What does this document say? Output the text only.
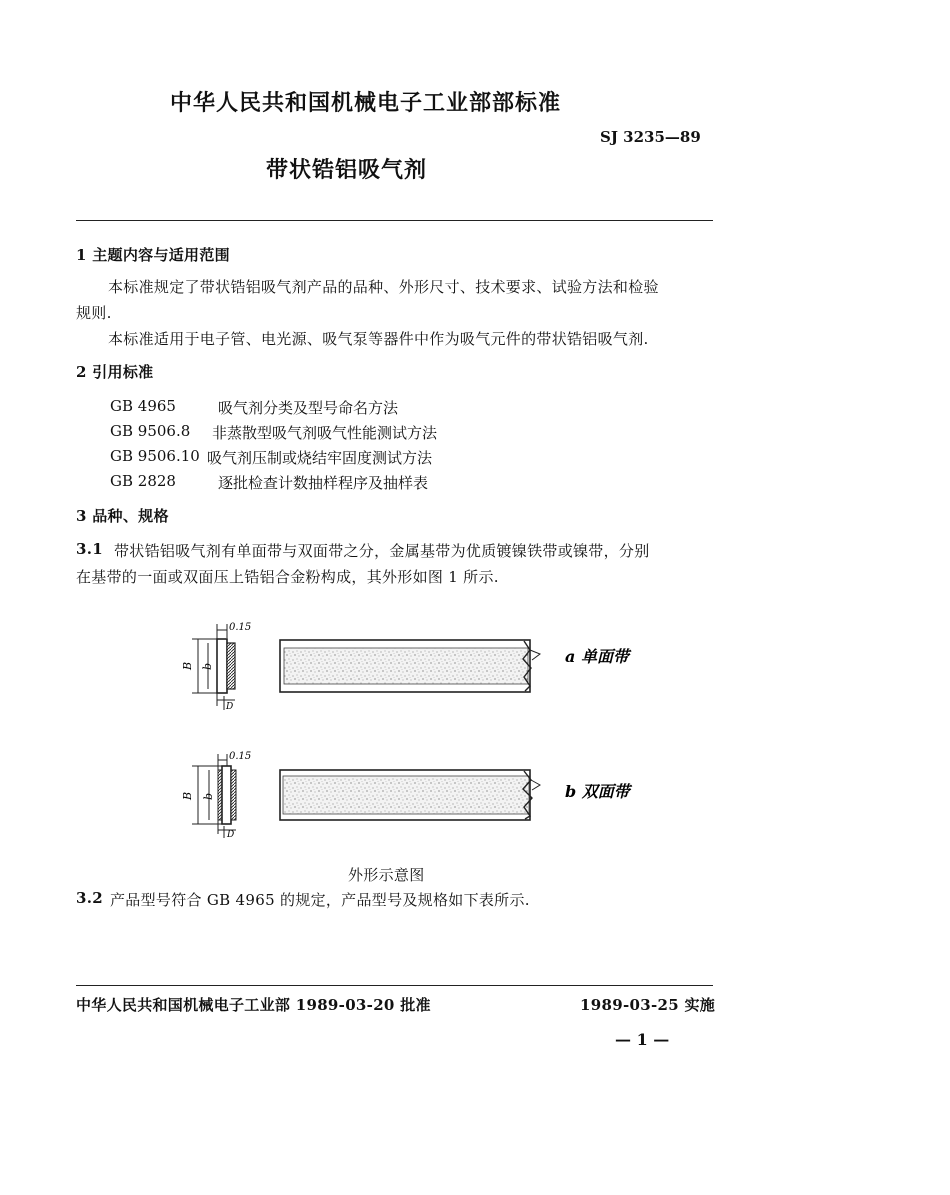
中华人民共和国机械电子工业部部标准
SJ 3235—89
带状锆铝吸气剂
1 主题内容与适用范围
本标准规定了带状锆铝吸气剂产品的品种、外形尺寸、技术要求、试验方法和检验
规则.
本标准适用于电子管、电光源、吸气泵等器件中作为吸气元件的带状锆铝吸气剂.
2 引用标准
GB 4965	吸气剂分类及型号命名方法
GB 9506.8 非蒸散型吸气剂吸气性能测试方法
GB 9506.10 吸气剂压制或烧结牢固度测试方法
GB 2828	逐批检查计数抽样程序及抽样表
3 品种、规格
3.1 带状锆铝吸气剂有单面带与双面带之分，金属基带为优质镀镍铁带或镍带，分别
在基带的一面或双面压上锆铝合金粉构成，其外形如图 1 所示.
0.15
B b
D
a 单面带
0.15
B b
D
b 双面带
外形示意图
3.2 产品型号符合 GB 4965 的规定，产品型号及规格如下表所示.
中华人民共和国机械电子工业部 1989-03-20 批准	1989-03-25 实施
— 1 —
